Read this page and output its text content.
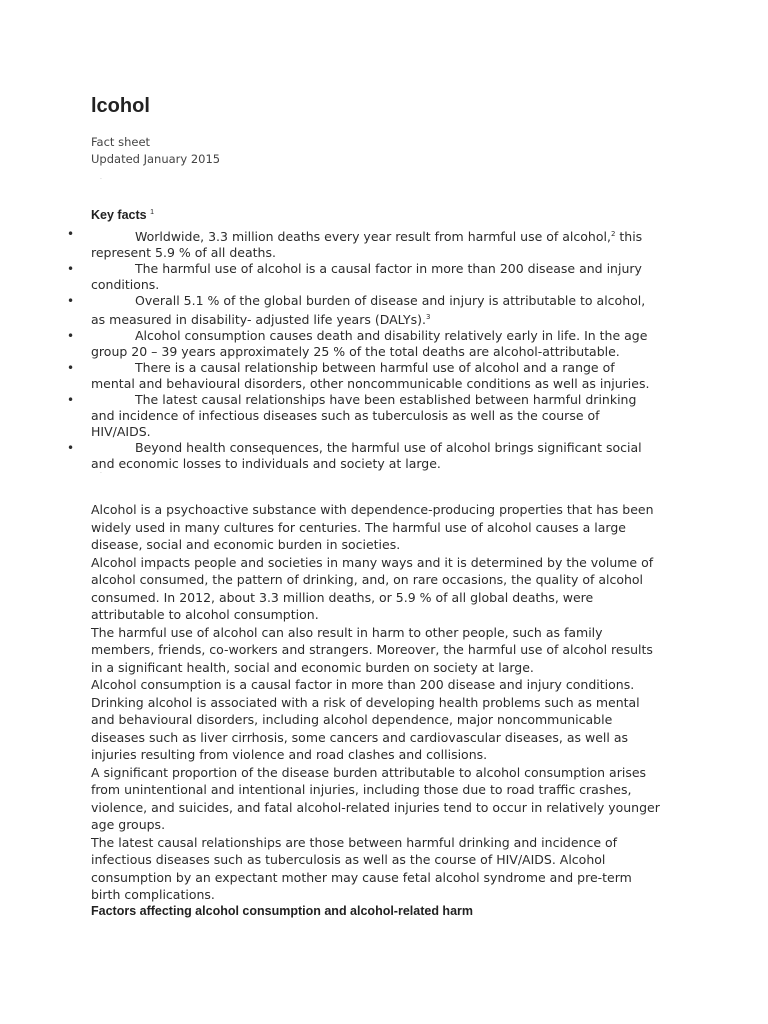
lcohol
Fact sheet
Updated January 2015
·
Key facts $^1$
•	Worldwide, 3.3 million deaths every year result from harmful use of alcohol,$^2$ this represent 5.9 % of all deaths.
•	The harmful use of alcohol is a causal factor in more than 200 disease and injury conditions.
•	Overall 5.1 % of the global burden of disease and injury is attributable to alcohol, as measured in disability- adjusted life years (DALYs).$^3$
•	Alcohol consumption causes death and disability relatively early in life. In the age group 20 – 39 years approximately 25 % of the total deaths are alcohol-attributable.
•	There is a causal relationship between harmful use of alcohol and a range of mental and behavioural disorders, other noncommunicable conditions as well as injuries.
•	The latest causal relationships have been established between harmful drinking and incidence of infectious diseases such as tuberculosis as well as the course of HIV/AIDS.
•	Beyond health consequences, the harmful use of alcohol brings significant social and economic losses to individuals and society at large.
·

Alcohol is a psychoactive substance with dependence-producing properties that has been widely used in many cultures for centuries. The harmful use of alcohol causes a large disease, social and economic burden in societies.

Alcohol impacts people and societies in many ways and it is determined by the volume of alcohol consumed, the pattern of drinking, and, on rare occasions, the quality of alcohol consumed. In 2012, about 3.3 million deaths, or 5.9 % of all global deaths, were attributable to alcohol consumption.

The harmful use of alcohol can also result in harm to other people, such as family members, friends, co-workers and strangers. Moreover, the harmful use of alcohol results in a significant health, social and economic burden on society at large.

Alcohol consumption is a causal factor in more than 200 disease and injury conditions. Drinking alcohol is associated with a risk of developing health problems such as mental and behavioural disorders, including alcohol dependence, major noncommunicable diseases such as liver cirrhosis, some cancers and cardiovascular diseases, as well as injuries resulting from violence and road clashes and collisions.

A significant proportion of the disease burden attributable to alcohol consumption arises from unintentional and intentional injuries, including those due to road traffic crashes, violence, and suicides, and fatal alcohol-related injuries tend to occur in relatively younger age groups.

The latest causal relationships are those between harmful drinking and incidence of infectious diseases such as tuberculosis as well as the course of HIV/AIDS. Alcohol consumption by an expectant mother may cause fetal alcohol syndrome and pre-term birth complications.

Factors affecting alcohol consumption and alcohol-related harm
